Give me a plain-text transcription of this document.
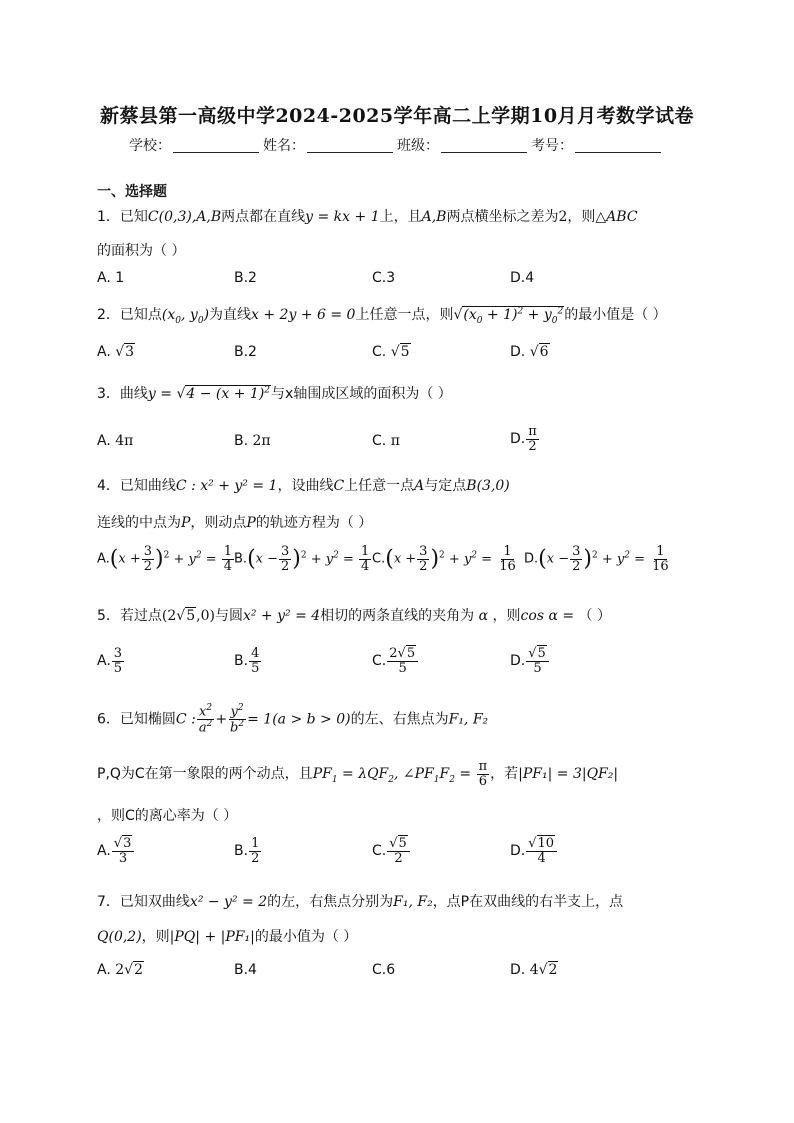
新蔡县第一高级中学2024-2025学年高二上学期10月月考数学试卷
学校：	姓名：	班级：	考号：
一、选择题
1．已知C(0,3),A,B两点都在直线y = kx + 1上，且A,B两点横坐标之差为2，则△ABC
的面积为（ ）
A. 1	B.2	C.3	D.4
2．已知点($x_0$, $y_0$)为直线x + 2y + 6 = 0上任意一点，则$√(x_0 + 1)^2 + y_0^2$的最小值是（ ）
A. √3	B.2	C. √5	D. √6
3．曲线$y = √4 - (x + 1)^2$与x轴围成区域的面积为（ ）
A. 4π	B. 2π	C. π	D. $\frac{\pi}{2}$
4．已知曲线C : x² + y² = 1，设曲线C上任意一点A与定点B(3,0)
连线的中点为P，则动点P的轨迹方程为（ ）
$A.(x + \frac{3}{2} )^2 + y^2 = \frac{1}{4} B.(x - \frac{3}{2} )^2 + y^2 = \frac{1}{4} C.(x + \frac{3}{2} )^2 + y^2 = \frac{1}{16} D.(x - \frac{3}{2} )^2 + y^2 = \frac{1}{16}$
5．若过点(2√5,0)与圆x² + y² = 4相切的两条直线的夹角为 α ，则cos α = （ ）
A. $\frac{3}{5}$	B. $\frac{4}{5}$	C. $\frac{2√5}{5}$	D. $\frac{√5}{5}$
6．已知椭圆C : $\frac{x^2}{a^2} + \frac{y^2}{b^2} = 1(a > b > 0)$的左、右焦点为F₁, F₂
P,Q为C在第一象限的两个动点，且$PF_1 = \lambda QF_2$, $\angle PF_1F_2 = \frac{\pi}{6}$ ，若|PF₁| = 3|QF₂|
，则C的离心率为（ ）
A. $\frac{√3}{3}$	B. $\frac{1}{2}$	C. $\frac{√5}{2}$	D. $\frac{√10}{4}$
7．已知双曲线x² − y² = 2的左，右焦点分别为F₁, F₂，点P在双曲线的右半支上，点
Q(0,2)，则|PQ| + |PF₁|的最小值为（ ）
A. 2√2	B.4	C.6	D. 4√2
